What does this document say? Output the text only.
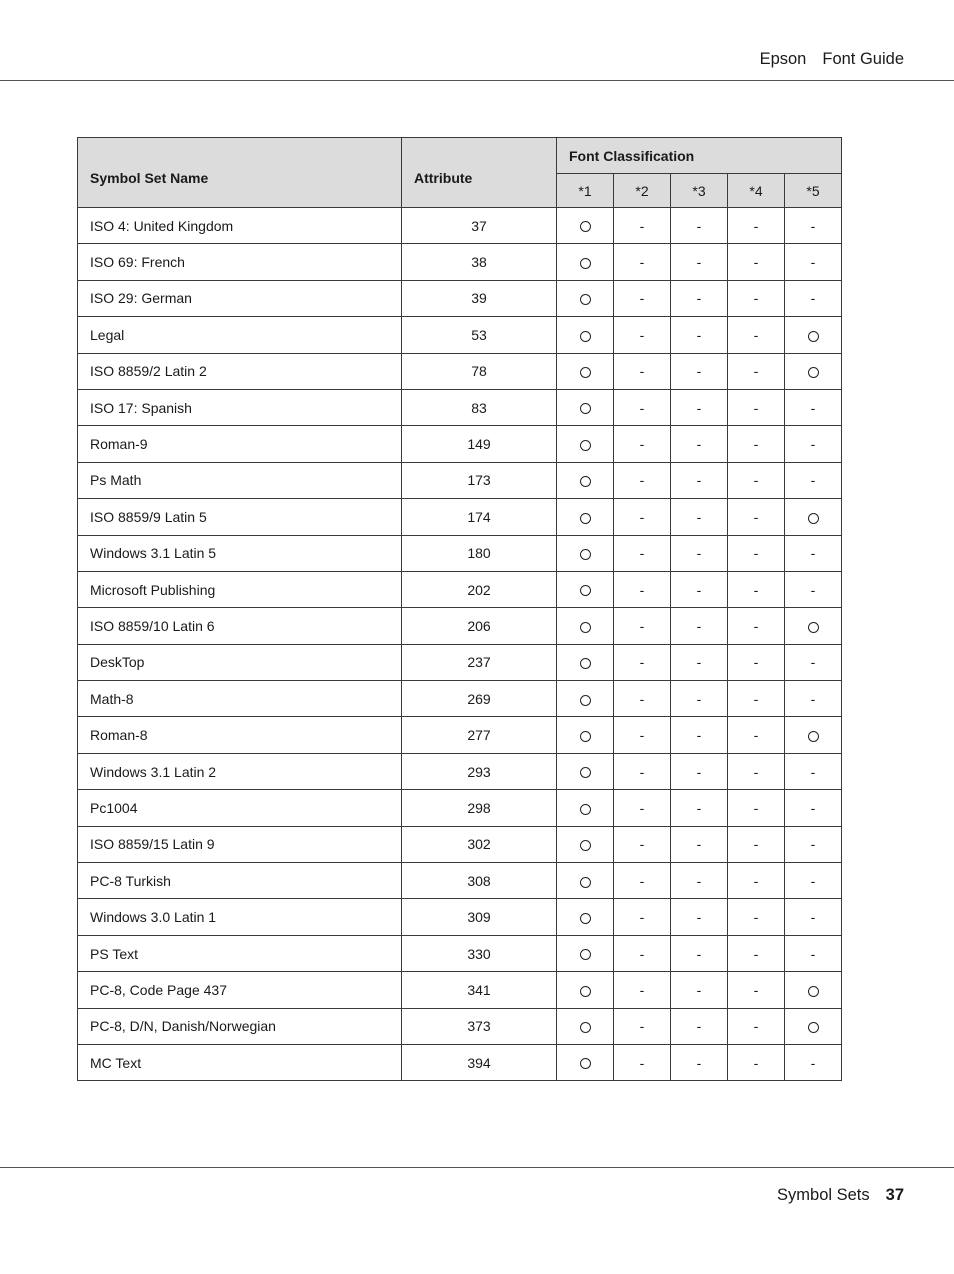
Epson Font Guide
Symbol Set Name	Attribute	Font Classification				
		*1	*2	*3	*4	*5
ISO 4: United Kingdom	37		-	-	-	-
ISO 69: French	38		-	-	-	-
ISO 29: German	39		-	-	-	-
Legal	53		-	-	-	
ISO 8859/2 Latin 2	78		-	-	-	
ISO 17: Spanish	83		-	-	-	-
Roman-9	149		-	-	-	-
Ps Math	173		-	-	-	-
ISO 8859/9 Latin 5	174		-	-	-	
Windows 3.1 Latin 5	180		-	-	-	-
Microsoft Publishing	202		-	-	-	-
ISO 8859/10 Latin 6	206		-	-	-	
DeskTop	237		-	-	-	-
Math-8	269		-	-	-	-
Roman-8	277		-	-	-	
Windows 3.1 Latin 2	293		-	-	-	-
Pc1004	298		-	-	-	-
ISO 8859/15 Latin 9	302		-	-	-	-
PC-8 Turkish	308		-	-	-	-
Windows 3.0 Latin 1	309		-	-	-	-
PS Text	330		-	-	-	-
PC-8, Code Page 437	341		-	-	-	
PC-8, D/N, Danish/Norwegian	373		-	-	-	
MC Text	394		-	-	-	-
Symbol Sets 37
